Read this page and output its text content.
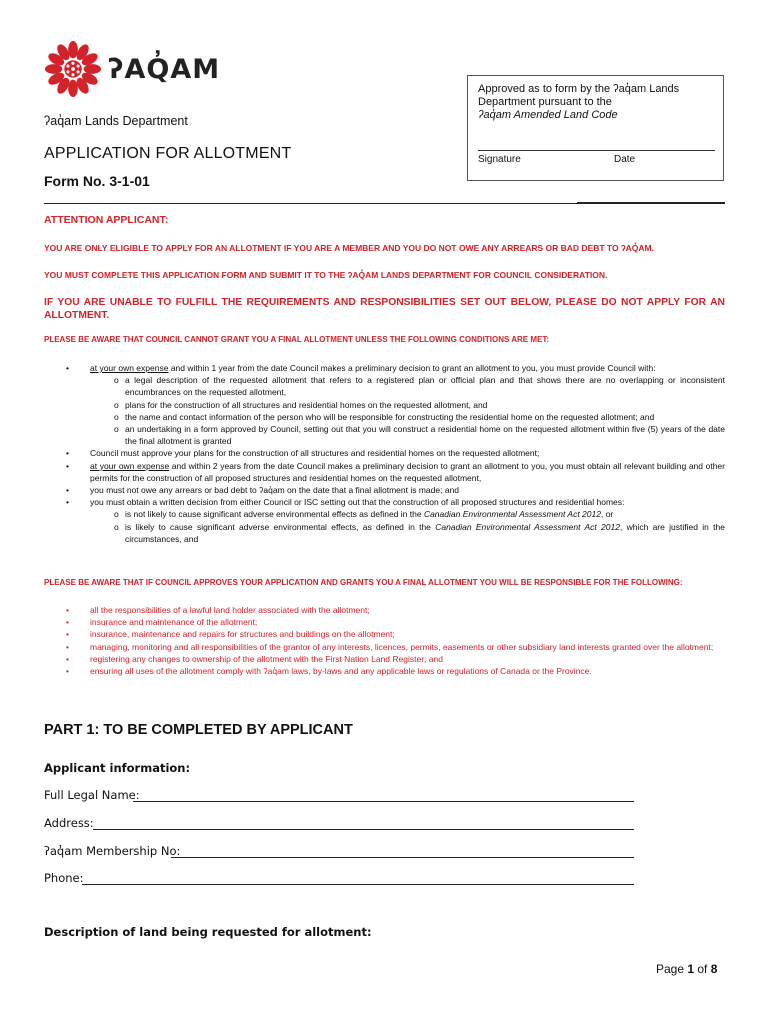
ʔAQ̓AM
ʔaq̓am Lands Department
APPLICATION FOR ALLOTMENT
Form No. 3-1-01
Approved as to form by the ʔaq̓am Lands Department pursuant to the
ʔaq̓am Amended Land Code
Signature	Date
ATTENTION APPLICANT:
YOU ARE ONLY ELIGIBLE TO APPLY FOR AN ALLOTMENT IF YOU ARE A MEMBER AND YOU DO NOT OWE ANY ARREARS OR BAD DEBT TO ʔAQ̓AM.
YOU MUST COMPLETE THIS APPLICATION FORM AND SUBMIT IT TO THE ʔAQ̓AM LANDS DEPARTMENT FOR COUNCIL CONSIDERATION.
IF YOU ARE UNABLE TO FULFILL THE REQUIREMENTS AND RESPONSIBILITIES SET OUT BELOW, PLEASE DO NOT APPLY FOR AN ALLOTMENT.
PLEASE BE AWARE THAT COUNCIL CANNOT GRANT YOU A FINAL ALLOTMENT UNLESS THE FOLLOWING CONDITIONS ARE MET:
• at your own expense and within 1 year from the date Council makes a preliminary decision to grant an allotment to you, you must provide Council with:
o a legal description of the requested allotment that refers to a registered plan or official plan and that shows there are no overlapping or inconsistent encumbrances on the requested allotment,
o plans for the construction of all structures and residential homes on the requested allotment, and
o the name and contact information of the person who will be responsible for constructing the residential home on the requested allotment; and
o an undertaking in a form approved by Council, setting out that you will construct a residential home on the requested allotment within five (5) years of the date the final allotment is granted
• Council must approve your plans for the construction of all structures and residential homes on the requested allotment;
• at your own expense and within 2 years from the date Council makes a preliminary decision to grant an allotment to you, you must obtain all relevant building and other permits for the construction of all proposed structures and residential homes on the requested allotment,
• you must not owe any arrears or bad debt to ʔaq̓am on the date that a final allotment is made; and
• you must obtain a written decision from either Council or ISC setting out that the construction of all proposed structures and residential homes:
o is not likely to cause significant adverse environmental effects as defined in the Canadian Environmental Assessment Act 2012, or
o is likely to cause significant adverse environmental effects, as defined in the Canadian Environmental Assessment Act 2012, which are justified in the circumstances, and
PLEASE BE AWARE THAT IF COUNCIL APPROVES YOUR APPLICATION AND GRANTS YOU A FINAL ALLOTMENT YOU WILL BE RESPONSIBLE FOR THE FOLLOWING:
• all the responsibilities of a lawful land holder associated with the allotment;
• insurance and maintenance of the allotment;
• insurance, maintenance and repairs for structures and buildings on the allotment;
• managing, monitoring and all responsibilities of the grantor of any interests, licences, permits, easements or other subsidiary land interests granted over the allotment;
• registering any changes to ownership of the allotment with the First Nation Land Register; and
• ensuring all uses of the allotment comply with ʔaq̓am laws, by-laws and any applicable laws or regulations of Canada or the Province.
PART 1: TO BE COMPLETED BY APPLICANT
Applicant information:
Full Legal Name:
Address:
ʔaq̓am Membership No:
Phone:
Description of land being requested for allotment:
Page 1 of 8
